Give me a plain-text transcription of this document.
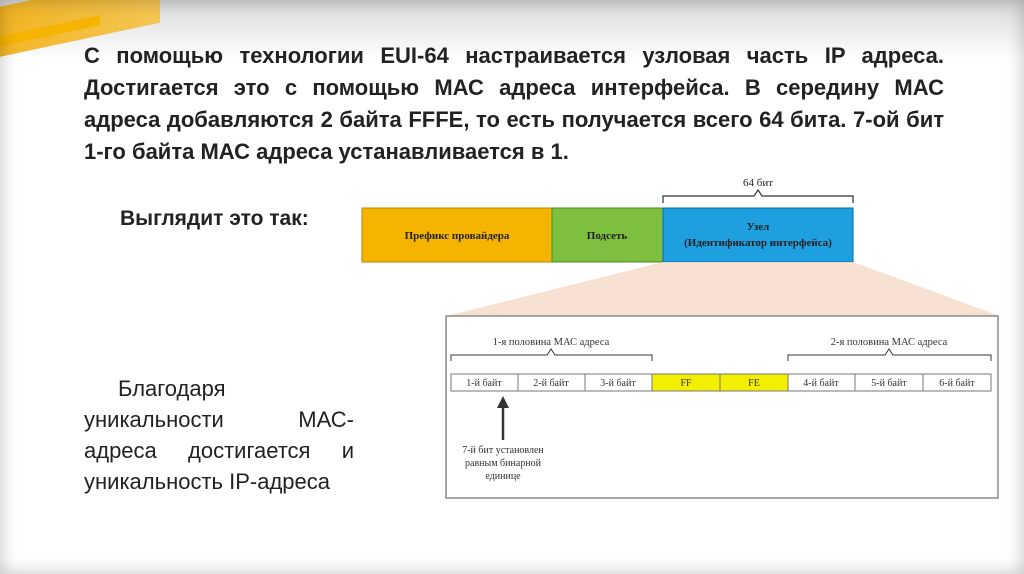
С помощью технологии EUI-64 настраивается узловая часть IP адреса. Достигается это с помощью МАС адреса интерфейса. В середину МАС адреса добавляются 2 байта FFFE, то есть получается всего 64 бита. 7-ой бит 1-го байта МАС адреса устанавливается в 1.

Выглядит это так:

Благодаря уникальности МАС-адреса достигается и уникальность IP-адреса

64 бит
Префикс провайдера	Подсеть
Узел
(Идентификатор интерфейса)
1-я половина МАС адреса	2-я половина МАС адреса
1-й байт	2-й байт	3-й байт	FF	FE	4-й байт	5-й байт	6-й байт
7-й бит установлен
равным бинарной
единице
